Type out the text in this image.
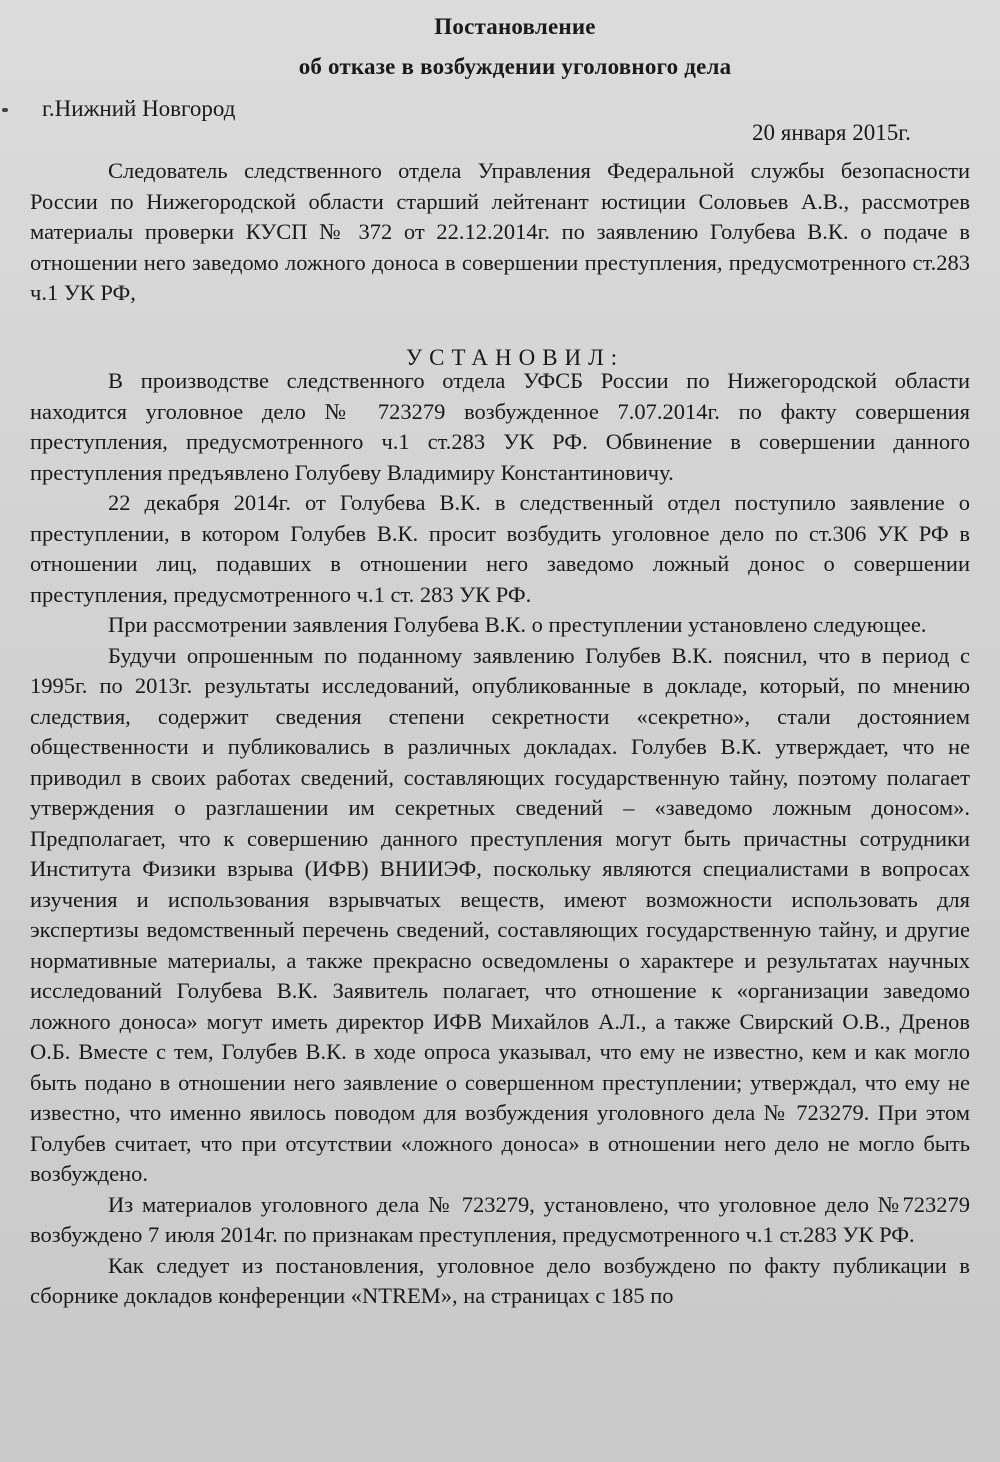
Постановление
об отказе в возбуждении уголовного дела
г.Нижний Новгород
20 января 2015г.

Следователь следственного отдела Управления Федеральной службы безопасности России по Нижегородской области старший лейтенант юстиции Соловьев А.В., рассмотрев материалы проверки КУСП № 372 от 22.12.2014г. по заявлению Голубева В.К. о подаче в отношении него заведомо ложного доноса в совершении преступления, предусмотренного ст.283 ч.1 УК РФ,

УСТАНОВИЛ:

В производстве следственного отдела УФСБ России по Нижегородской области находится уголовное дело № 723279 возбужденное 7.07.2014г. по факту совершения преступления, предусмотренного ч.1 ст.283 УК РФ. Обвинение в совершении данного преступления предъявлено Голубеву Владимиру Константиновичу.

22 декабря 2014г. от Голубева В.К. в следственный отдел поступило заявление о преступлении, в котором Голубев В.К. просит возбудить уголовное дело по ст.306 УК РФ в отношении лиц, подавших в отношении него заведомо ложный донос о совершении преступления, предусмотренного ч.1 ст. 283 УК РФ.

При рассмотрении заявления Голубева В.К. о преступлении установлено следующее.

Будучи опрошенным по поданному заявлению Голубев В.К. пояснил, что в период с 1995г. по 2013г. результаты исследований, опубликованные в докладе, который, по мнению следствия, содержит сведения степени секретности «секретно», стали достоянием общественности и публиковались в различных докладах. Голубев В.К. утверждает, что не приводил в своих работах сведений, составляющих государственную тайну, поэтому полагает утверждения о разглашении им секретных сведений – «заведомо ложным доносом». Предполагает, что к совершению данного преступления могут быть причастны сотрудники Института Физики взрыва (ИФВ) ВНИИЭФ, поскольку являются специалистами в вопросах изучения и использования взрывчатых веществ, имеют возможности использовать для экспертизы ведомственный перечень сведений, составляющих государственную тайну, и другие нормативные материалы, а также прекрасно осведомлены о характере и результатах научных исследований Голубева В.К. Заявитель полагает, что отношение к «организации заведомо ложного доноса» могут иметь директор ИФВ Михайлов А.Л., а также Свирский О.В., Дренов О.Б. Вместе с тем, Голубев В.К. в ходе опроса указывал, что ему не известно, кем и как могло быть подано в отношении него заявление о совершенном преступлении; утверждал, что ему не известно, что именно явилось поводом для возбуждения уголовного дела № 723279. При этом Голубев считает, что при отсутствии «ложного доноса» в отношении него дело не могло быть возбуждено.

Из материалов уголовного дела № 723279, установлено, что уголовное дело №723279 возбуждено 7 июля 2014г. по признакам преступления, предусмотренного ч.1 ст.283 УК РФ.

Как следует из постановления, уголовное дело возбуждено по факту публикации в сборнике докладов конференции «NTREM», на страницах с 185 по
